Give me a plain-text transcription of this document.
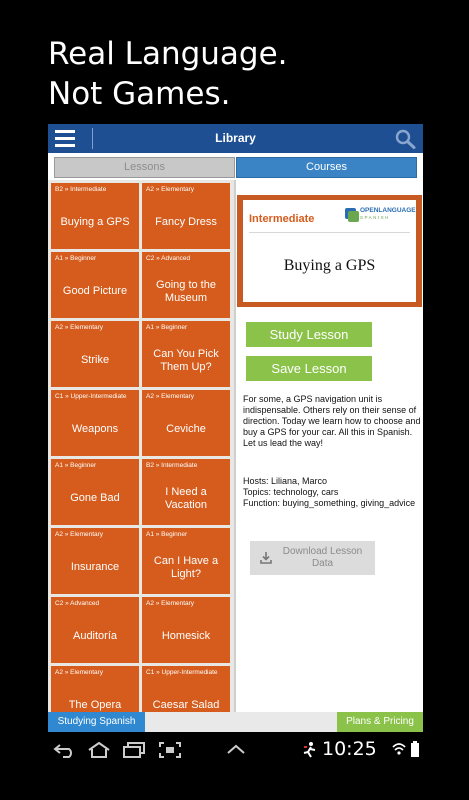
Real Language.
Not Games.
Library
Lessons	Courses
B2 » Intermediate
Buying a GPS
A2 » Elementary
Fancy Dress
A1 » Beginner
Good Picture
C2 » Advanced
Going to the Museum
A2 » Elementary
Strike
A1 » Beginner
Can You Pick Them Up?
C1 » Upper-Intermediate
Weapons
A2 » Elementary
Ceviche
A1 » Beginner
Gone Bad
B2 » Intermediate
I Need a Vacation
A2 » Elementary
Insurance
A1 » Beginner
Can I Have a Light?
C2 » Advanced
Auditoría
A2 » Elementary
Homesick
A2 » Elementary
The Opera
C1 » Upper-Intermediate
Caesar Salad
Intermediate
OPENLANGUAGE
SPANISH
Buying a GPS
Study Lesson
Save Lesson
For some, a GPS navigation unit is indispensable. Others rely on their sense of direction. Today we learn how to choose and buy a GPS for your car. All this in Spanish. Let us lead the way!
Hosts: Liliana, Marco
Topics: technology, cars
Function: buying_something, giving_advice
Download Lesson Data
Studying Spanish	Plans & Pricing
10:25
